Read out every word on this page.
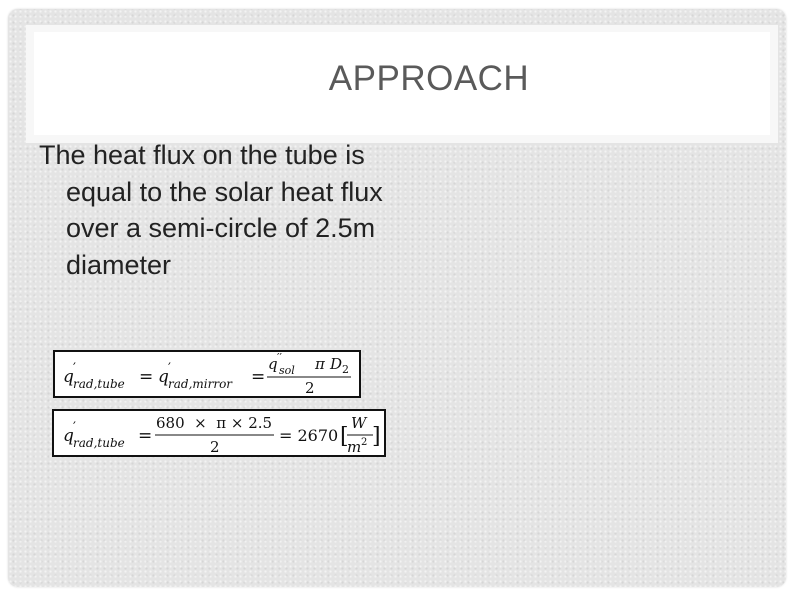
APPROACH

The heat flux on the tube is equal to the solar heat flux over a semi-circle of 2.5m diameter

q ′
rad,tube = q ′
rad,mirror =
q ′′
sol π D 2
2
q ′
rad,tube =
680  ×  π × 2.5
2
= 2670 [
W
m 2 ]
